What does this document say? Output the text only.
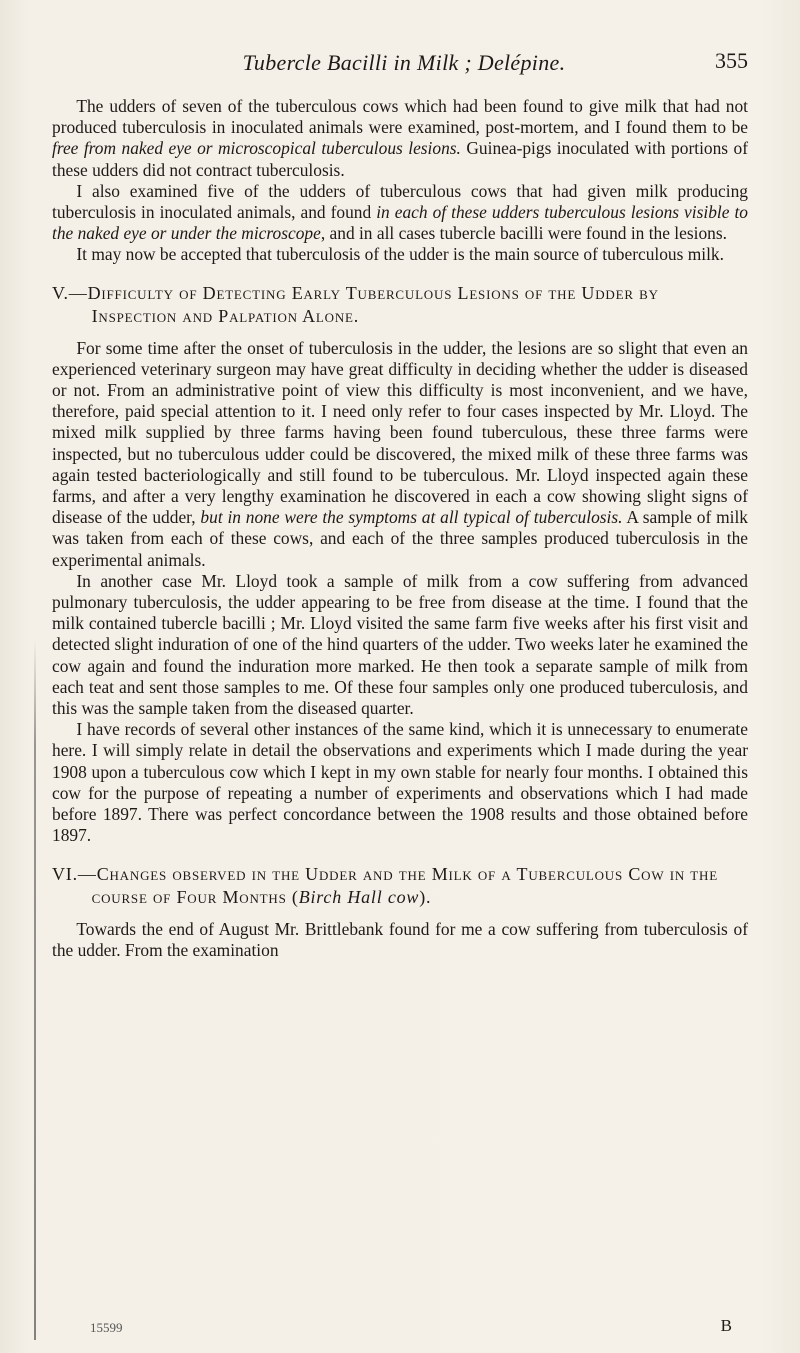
Tubercle Bacilli in Milk ; Delépine.	355

The udders of seven of the tuberculous cows which had been found to give milk that had not produced tuberculosis in inoculated animals were examined, post-mortem, and I found them to be free from naked eye or microscopical tuberculous lesions. Guinea-pigs inoculated with portions of these udders did not contract tuberculosis.

I also examined five of the udders of tuberculous cows that had given milk producing tuberculosis in inoculated animals, and found in each of these udders tuberculous lesions visible to the naked eye or under the microscope, and in all cases tubercle bacilli were found in the lesions.

It may now be accepted that tuberculosis of the udder is the main source of tuberculous milk.

V.—Difficulty of Detecting Early Tuberculous Lesions of the Udder by Inspection and Palpation Alone.

For some time after the onset of tuberculosis in the udder, the lesions are so slight that even an experienced veterinary surgeon may have great difficulty in deciding whether the udder is diseased or not. From an administrative point of view this difficulty is most inconvenient, and we have, therefore, paid special attention to it. I need only refer to four cases inspected by Mr. Lloyd. The mixed milk supplied by three farms having been found tuberculous, these three farms were inspected, but no tuberculous udder could be discovered, the mixed milk of these three farms was again tested bacteriologically and still found to be tuberculous. Mr. Lloyd inspected again these farms, and after a very lengthy examination he discovered in each a cow showing slight signs of disease of the udder, but in none were the symptoms at all typical of tuberculosis. A sample of milk was taken from each of these cows, and each of the three samples produced tuberculosis in the experimental animals.

In another case Mr. Lloyd took a sample of milk from a cow suffering from advanced pulmonary tuberculosis, the udder appearing to be free from disease at the time. I found that the milk contained tubercle bacilli ; Mr. Lloyd visited the same farm five weeks after his first visit and detected slight induration of one of the hind quarters of the udder. Two weeks later he examined the cow again and found the induration more marked. He then took a separate sample of milk from each teat and sent those samples to me. Of these four samples only one produced tuberculosis, and this was the sample taken from the diseased quarter.

I have records of several other instances of the same kind, which it is unnecessary to enumerate here. I will simply relate in detail the observations and experiments which I made during the year 1908 upon a tuberculous cow which I kept in my own stable for nearly four months. I obtained this cow for the purpose of repeating a number of experiments and observations which I had made before 1897. There was perfect concordance between the 1908 results and those obtained before 1897.

VI.—Changes observed in the Udder and the Milk of a Tuberculous Cow in the course of Four Months (Birch Hall cow).

Towards the end of August Mr. Brittlebank found for me a cow suffering from tuberculosis of the udder. From the examination

15599	B
